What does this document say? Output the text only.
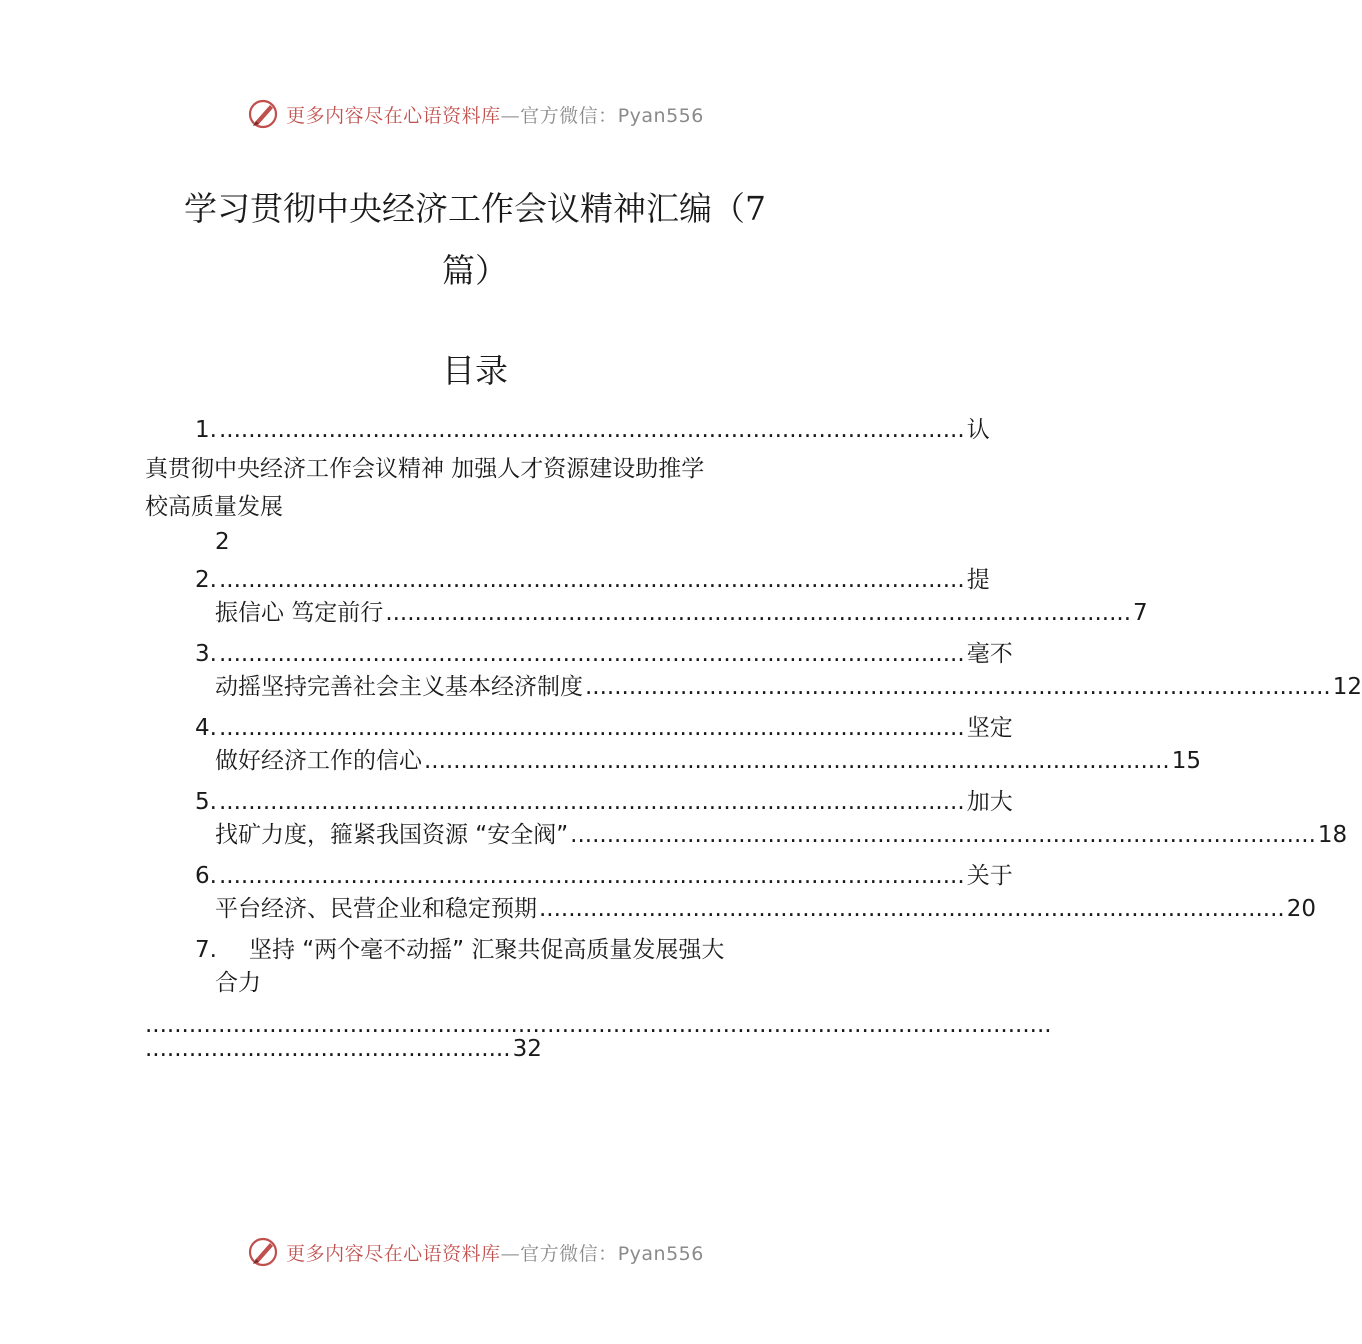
更多内容尽在心语资料库—官方微信：Pyan556
学习贯彻中央经济工作会议精神汇编（7
篇）
目录
1. ...................................................................................................... 认
真贯彻中央经济工作会议精神 加强人才资源建设助推学
校高质量发展
2
2. ...................................................................................................... 提
振信心 笃定前行 ...................................................................................................... 7
3. ...................................................................................................... 毫不
动摇坚持完善社会主义基本经济制度 ...................................................................................................... 12
4. ...................................................................................................... 坚定
做好经济工作的信心 ...................................................................................................... 15
5. ...................................................................................................... 加大
找矿力度，箍紧我国资源 “安全阀” ...................................................................................................... 18
6. ...................................................................................................... 关于
平台经济、民营企业和稳定预期 ...................................................................................................... 20
7. 坚持 “两个毫不动摇” 汇聚共促高质量发展强大
合力
............................................................................................................................
.................................................. 32
更多内容尽在心语资料库—官方微信：Pyan556
